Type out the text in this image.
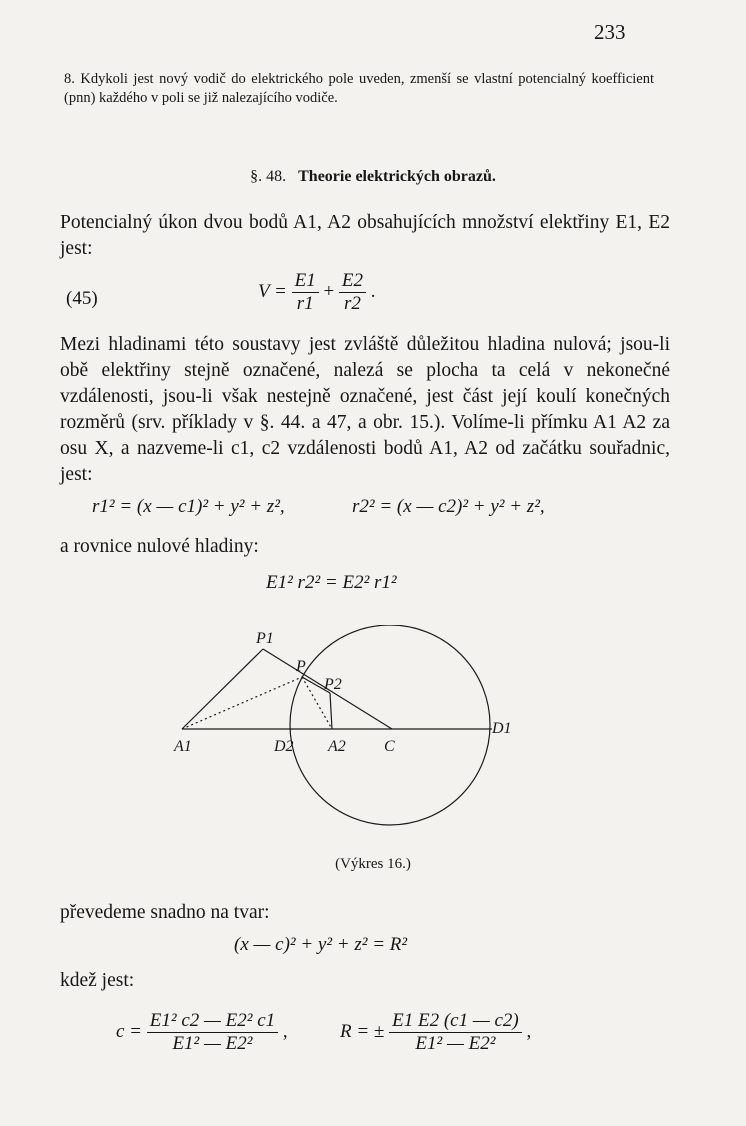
233
8. Kdykoli jest nový vodič do elektrického pole uveden, zmenší se vlastní potencialný koefficient (pnn) každého v poli se již nalezajícího vodiče.
§. 48. Theorie elektrických obrazů.
Potencialný úkon dvou bodů A1, A2 obsahujících množství elektřiny E1, E2 jest:
(45)	$V = \frac{E1}{r1} + \frac{E2}{r2}$ .
Mezi hladinami této soustavy jest zvláště důležitou hladina nulová; jsou-li obě elektřiny stejně označené, nalezá se plocha ta celá v nekonečné vzdálenosti, jsou-li však nestejně označené, jest část její koulí konečných rozměrů (srv. příklady v §. 44. a 47, a obr. 15.). Volíme-li přímku A1 A2 za osu X, a nazveme-li c1, c2 vzdálenosti bodů A1, A2 od začátku souřadnic, jest:
r1² = (x — c1)² + y² + z²,	r2² = (x — c2)² + y² + z²,
a rovnice nulové hladiny:
E1² r2² = E2² r1²
P1
P
P2
A1	D2 A2 C
D1
(Výkres 16.)
převedeme snadno na tvar:
(x — c)² + y² + z² = R²
kdež jest:
$c = \frac{\text{E1² c2 — E2² c1}}{\text{E1² — E2²}}$ ,	R = ± $\frac{E1 E2 (c1 — c2)}{\text{E1² — E2²}}$ ,
